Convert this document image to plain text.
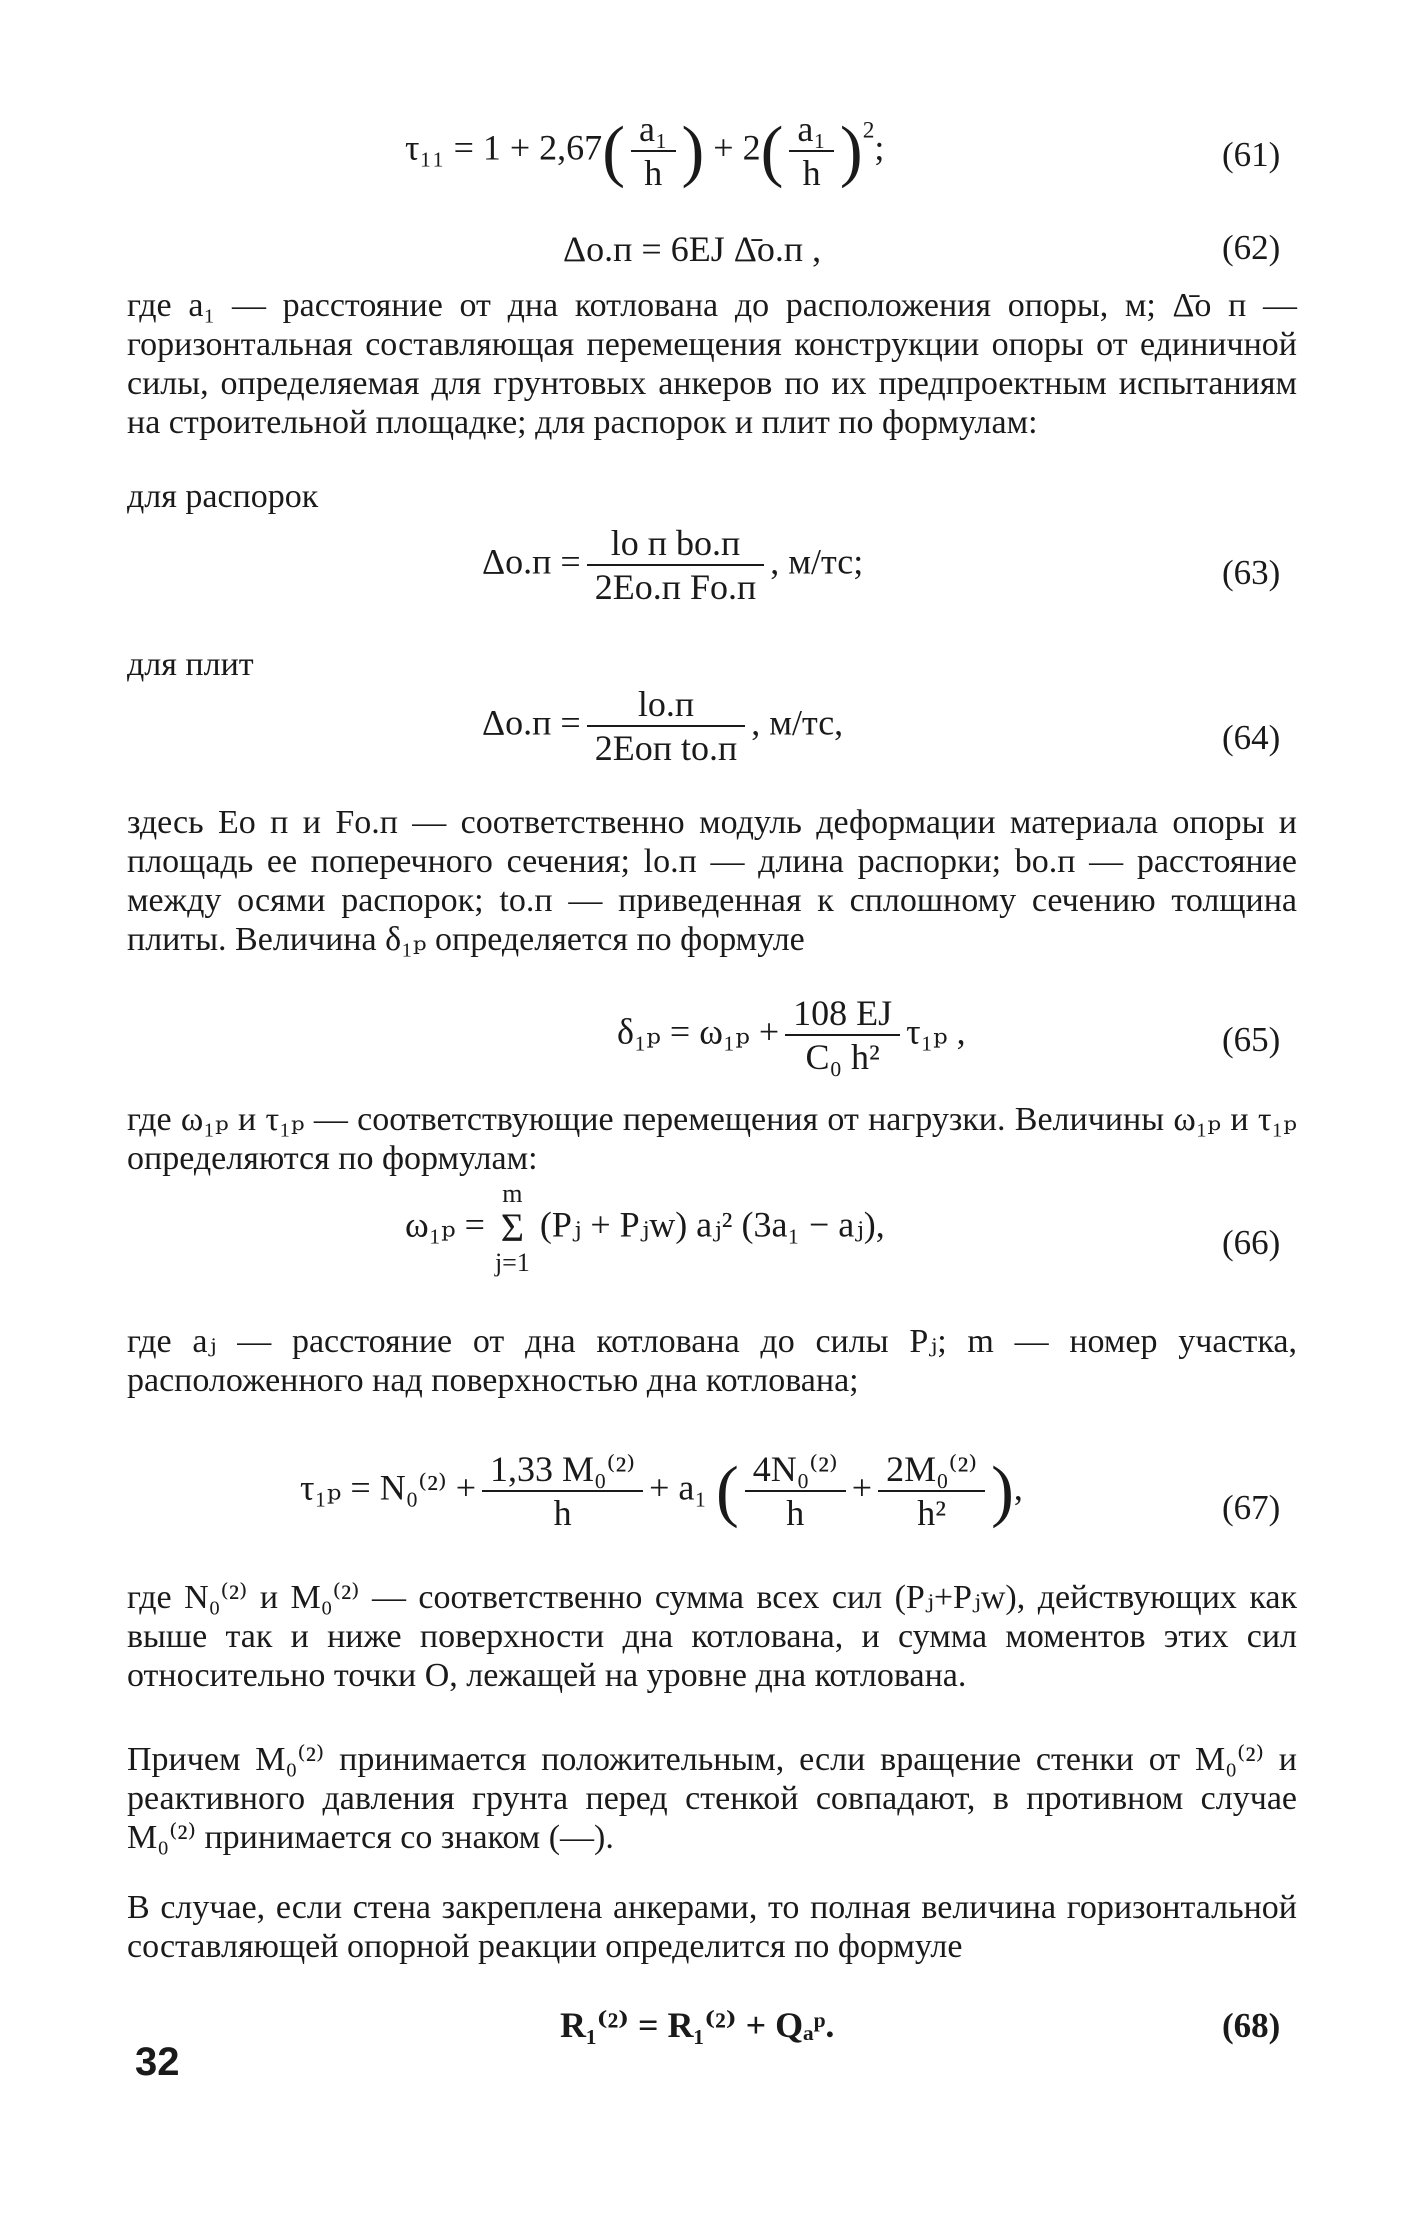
$\tau_{11} = 1 + 2,67( \frac{\text{a₁}}{h}$ ) + $2( \frac{\text{a₁}}{h} )^2$;	(61)
Δо.п = 6EJ Δ̄о.п ,	(62)
где a₁ — расстояние от дна котлована до расположения опоры, м; Δ̄о п — горизонтальная составляющая перемещения конструкции опоры от единичной силы, определяемая для грунтовых анкеров по их предпроектным испытаниям на строительной площадке; для распорок и плит по формулам:
для распорок
$\Delta о.п = \frac{\text{lо п bо.п}}{\text{2Eо.п Fо.п}}$ , м/тс;	(63)
для плит
$\Delta о.п = \frac{lо.п}{\text{2Eоп tо.п}}$ , м/тс,	(64)
здесь Eо п и Fо.п — соответственно модуль деформации материала опоры и площадь ее поперечного сечения; lо.п — длина распорки; bо.п — расстояние между осями распорок; tо.п — приведенная к сплошному сечению толщина плиты. Величина δ₁ₚ определяется по формуле
$\delta_{1p} = \omega_{1p} + \frac{108 EJ}{\text{C₀ h²}} \tau_{1p}$ ,	(65)
где ω₁ₚ и τ₁ₚ — соответствующие перемещения от нагрузки. Величины ω₁ₚ и τ₁ₚ определяются по формулам:
ω₁ₚ =
m
Σ
j=1
(Pⱼ + Pⱼw) aⱼ² (3a₁ − aⱼ),	(66)
где aⱼ — расстояние от дна котлована до силы Pⱼ; m — номер участка, расположенного над поверхностью дна котлована;
$\tau_{1p} = N_0^{(2)} + \frac{\text{1,33 M₀⁽²⁾}}{h} + a_1$ ( $\frac{\text{4N₀⁽²⁾}}{h} + \frac{\text{2M₀⁽²⁾}}{\text{h²}}$ ),
(67)
где N₀⁽²⁾ и M₀⁽²⁾ — соответственно сумма всех сил (Pⱼ+Pⱼw), действующих как выше так и ниже поверхности дна котлована, и сумма моментов этих сил относительно точки О, лежащей на уровне дна котлована.
Причем M₀⁽²⁾ принимается положительным, если вращение стенки от M₀⁽²⁾ и реактивного давления грунта перед стенкой совпадают, в противном случае M₀⁽²⁾ принимается со знаком (—).
В случае, если стена закреплена анкерами, то полная величина горизонтальной составляющей опорной реакции определится по формуле
R₁⁽²⁾ = R₁⁽²⁾ + Qₐᵖ.	(68)
32
